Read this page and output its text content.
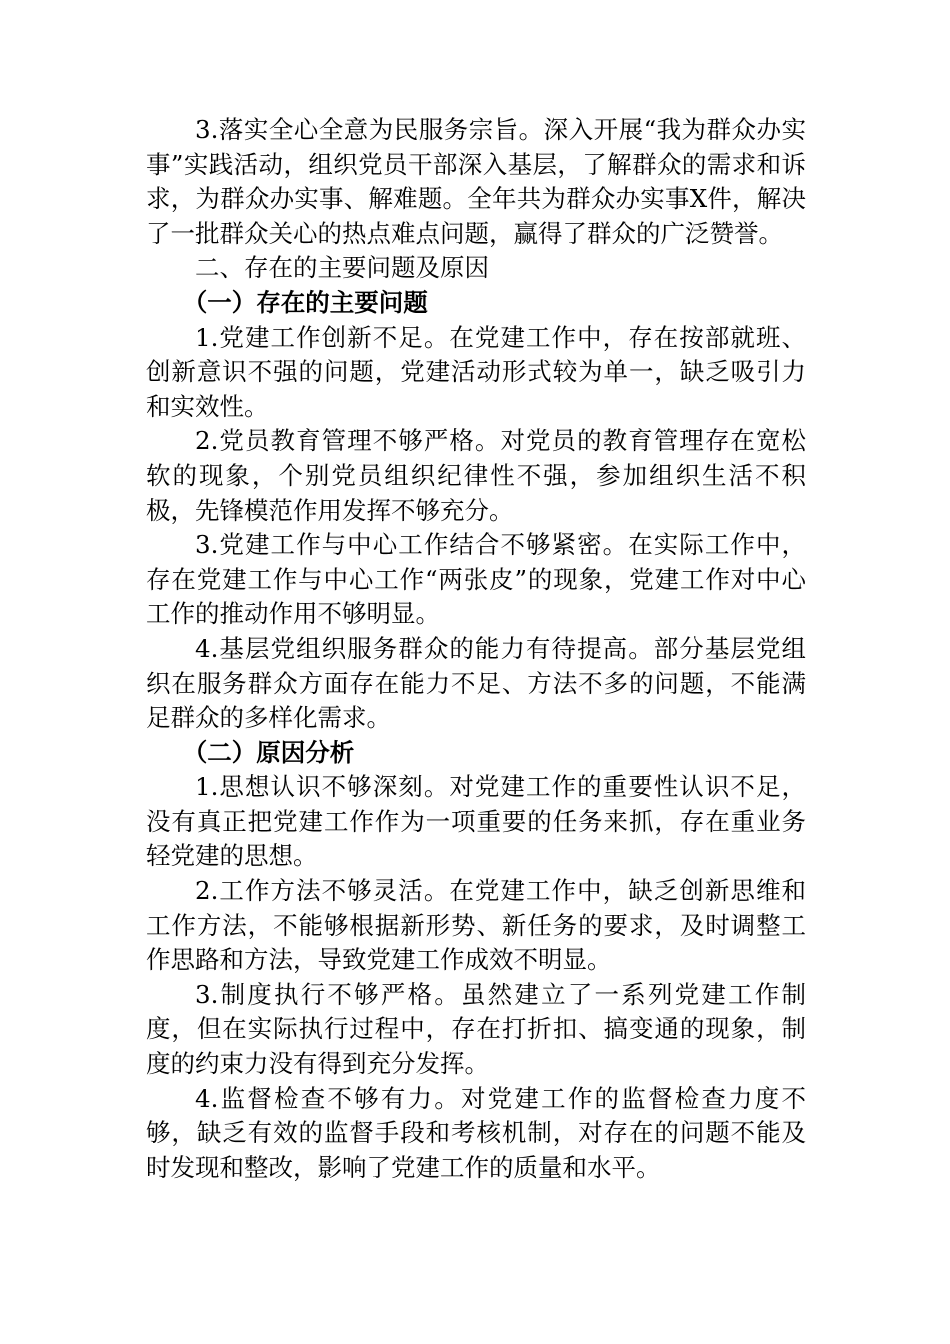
3.落实全心全意为民服务宗旨。深入开展“我为群众办实事”实践活动，组织党员干部深入基层，了解群众的需求和诉求，为群众办实事、解难题。全年共为群众办实事X件，解决了一批群众关心的热点难点问题，赢得了群众的广泛赞誉。

二、存在的主要问题及原因

（一）存在的主要问题

1.党建工作创新不足。在党建工作中，存在按部就班、创新意识不强的问题，党建活动形式较为单一，缺乏吸引力和实效性。

2.党员教育管理不够严格。对党员的教育管理存在宽松软的现象，个别党员组织纪律性不强，参加组织生活不积极，先锋模范作用发挥不够充分。

3.党建工作与中心工作结合不够紧密。在实际工作中，存在党建工作与中心工作“两张皮”的现象，党建工作对中心工作的推动作用不够明显。

4.基层党组织服务群众的能力有待提高。部分基层党组织在服务群众方面存在能力不足、方法不多的问题，不能满足群众的多样化需求。

（二）原因分析

1.思想认识不够深刻。对党建工作的重要性认识不足，没有真正把党建工作作为一项重要的任务来抓，存在重业务轻党建的思想。

2.工作方法不够灵活。在党建工作中，缺乏创新思维和工作方法，不能够根据新形势、新任务的要求，及时调整工作思路和方法，导致党建工作成效不明显。

3.制度执行不够严格。虽然建立了一系列党建工作制度，但在实际执行过程中，存在打折扣、搞变通的现象，制度的约束力没有得到充分发挥。

4.监督检查不够有力。对党建工作的监督检查力度不够，缺乏有效的监督手段和考核机制，对存在的问题不能及时发现和整改，影响了党建工作的质量和水平。
